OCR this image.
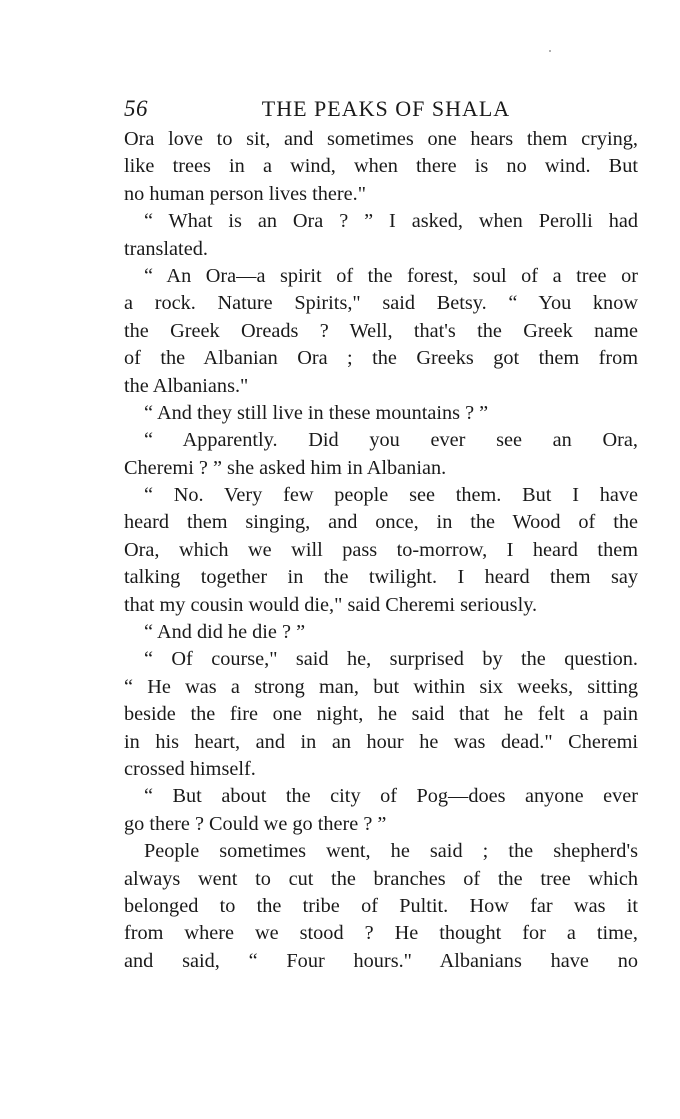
56	THE PEAKS OF SHALA
Ora love to sit, and sometimes one hears them crying,
like trees in a wind, when there is no wind. But
no human person lives there."
“ What is an Ora ? ” I asked, when Perolli had
translated.
“ An Ora—a spirit of the forest, soul of a tree or
a rock. Nature Spirits," said Betsy. “ You know
the Greek Oreads ? Well, that's the Greek name
of the Albanian Ora ; the Greeks got them from
the Albanians."
“ And they still live in these mountains ? ”
“ Apparently. Did you ever see an Ora,
Cheremi ? ” she asked him in Albanian.
“ No. Very few people see them. But I have
heard them singing, and once, in the Wood of the
Ora, which we will pass to-morrow, I heard them
talking together in the twilight. I heard them say
that my cousin would die," said Cheremi seriously.
“ And did he die ? ”
“ Of course," said he, surprised by the question.
“ He was a strong man, but within six weeks, sitting
beside the fire one night, he said that he felt a pain
in his heart, and in an hour he was dead." Cheremi
crossed himself.
“ But about the city of Pog—does anyone ever
go there ? Could we go there ? ”
People sometimes went, he said ; the shepherd's
always went to cut the branches of the tree which
belonged to the tribe of Pultit. How far was it
from where we stood ? He thought for a time,
and said, “ Four hours." Albanians have no
